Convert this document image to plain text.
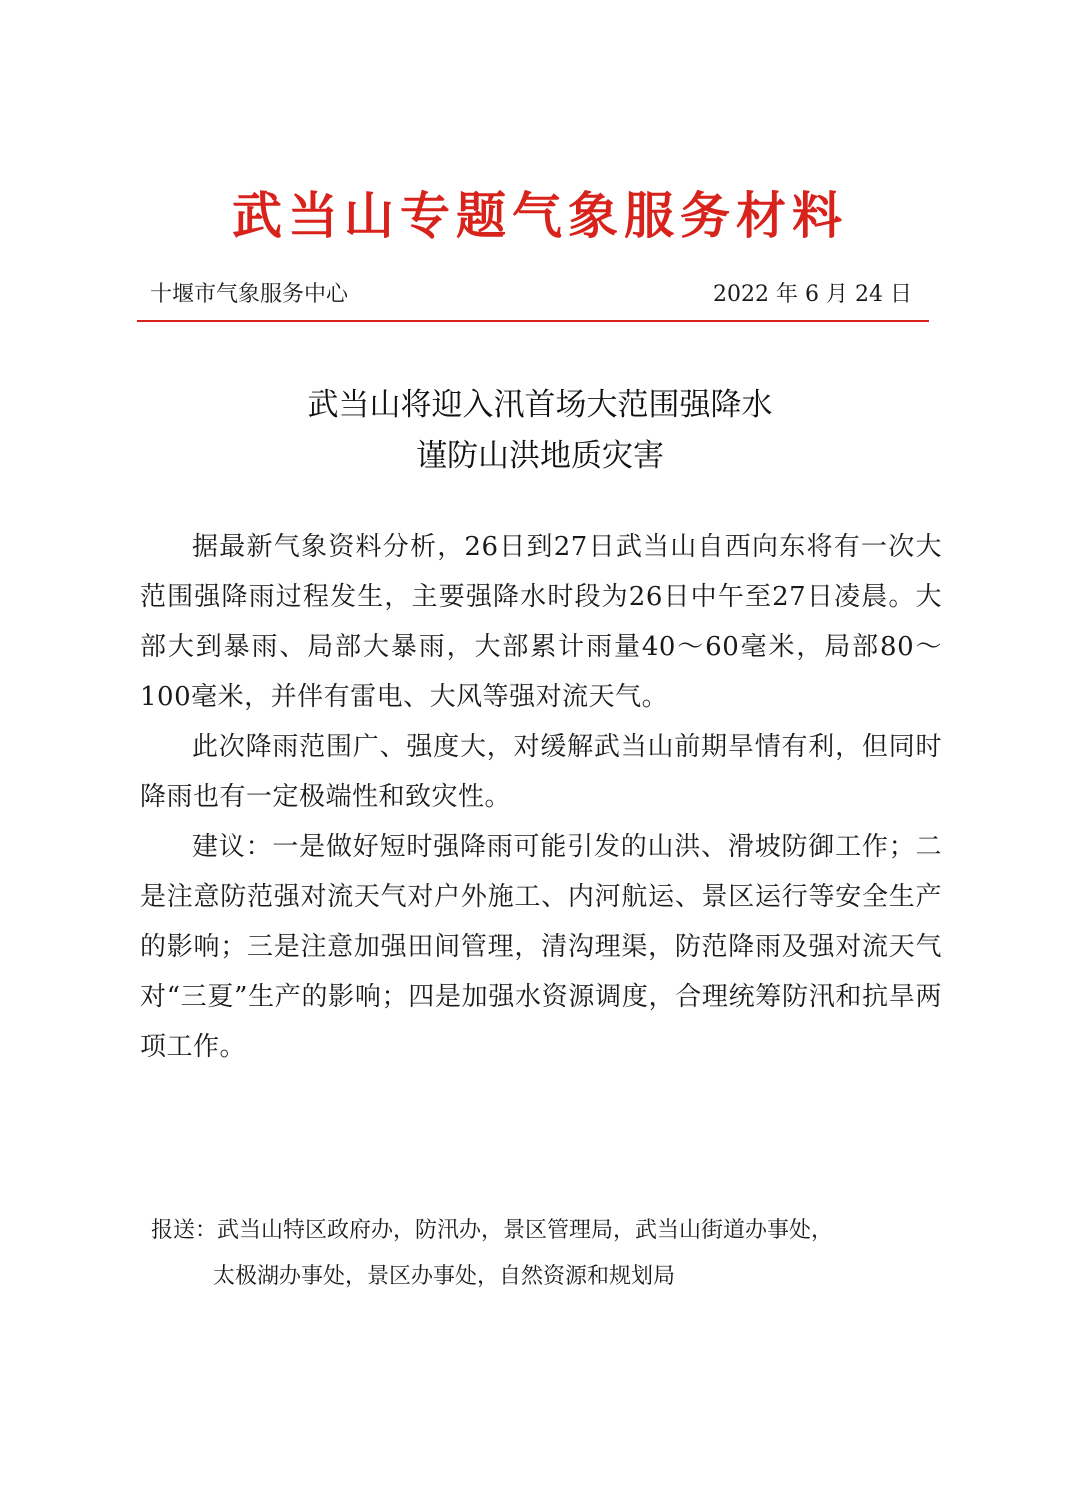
武当山专题气象服务材料
十堰市气象服务中心	2022 年 6 月 24 日
武当山将迎入汛首场大范围强降水
谨防山洪地质灾害

据最新气象资料分析，26日到27日武当山自西向东将有一次大范围强降雨过程发生，主要强降水时段为26日中午至27日凌晨。大部大到暴雨、局部大暴雨，大部累计雨量40～60毫米，局部80～100毫米，并伴有雷电、大风等强对流天气。

此次降雨范围广、强度大，对缓解武当山前期旱情有利，但同时降雨也有一定极端性和致灾性。

建议：一是做好短时强降雨可能引发的山洪、滑坡防御工作；二是注意防范强对流天气对户外施工、内河航运、景区运行等安全生产的影响；三是注意加强田间管理，清沟理渠，防范降雨及强对流天气对“三夏”生产的影响；四是加强水资源调度，合理统筹防汛和抗旱两项工作。

报送：武当山特区政府办，防汛办，景区管理局，武当山街道办事处，
太极湖办事处，景区办事处，自然资源和规划局
